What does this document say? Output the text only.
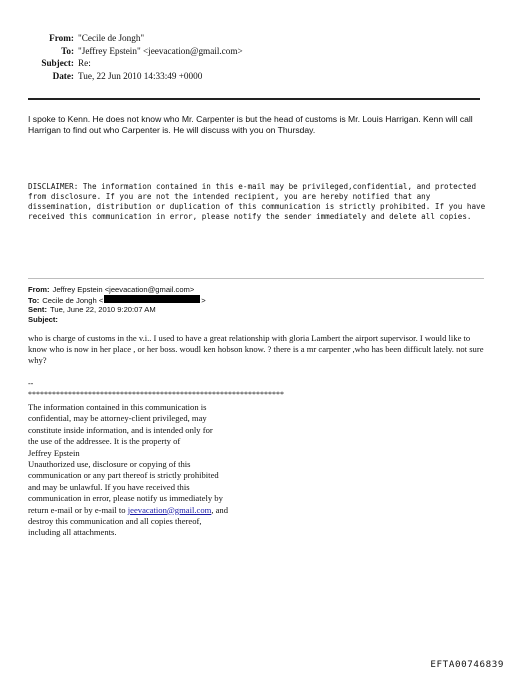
From: "Cecile de Jongh"
To: "Jeffrey Epstein" <jeevacation@gmail.com>
Subject: Re:
Date: Tue, 22 Jun 2010 14:33:49 +0000

I spoke to Kenn. He does not know who Mr. Carpenter is but the head of customs is Mr. Louis Harrigan. Kenn will call Harrigan to find out who Carpenter is. He will discuss with you on Thursday.

DISCLAIMER: The information contained in this e-mail may be privileged,confidential, and protected from disclosure. If you are not the intended recipient, you are hereby notified that any dissemination, distribution or duplication of this communication is strictly prohibited. If you have received this communication in error, please notify the sender immediately and delete all copies.

From: Jeffrey Epstein <jeevacation@gmail.com>
To: Cecile de Jongh <	>
Sent: Tue, June 22, 2010 9:20:07 AM
Subject:

who is charge of customs in the v.i.. I used to have a great relationship with gloria Lambert the airport supervisor. I would like to know who is now in her place , or her boss. woudl ken hobson know. ? there is a mr carpenter ,who has been difficult lately. not sure why?

--
****************************************************************
The information contained in this communication is
confidential, may be attorney-client privileged, may
constitute inside information, and is intended only for
the use of the addressee. It is the property of
Jeffrey Epstein
Unauthorized use, disclosure or copying of this
communication or any part thereof is strictly prohibited
and may be unlawful. If you have received this
communication in error, please notify us immediately by
return e-mail or by e-mail to jeevacation@gmail.com, and
destroy this communication and all copies thereof,
including all attachments.
EFTA00746839
